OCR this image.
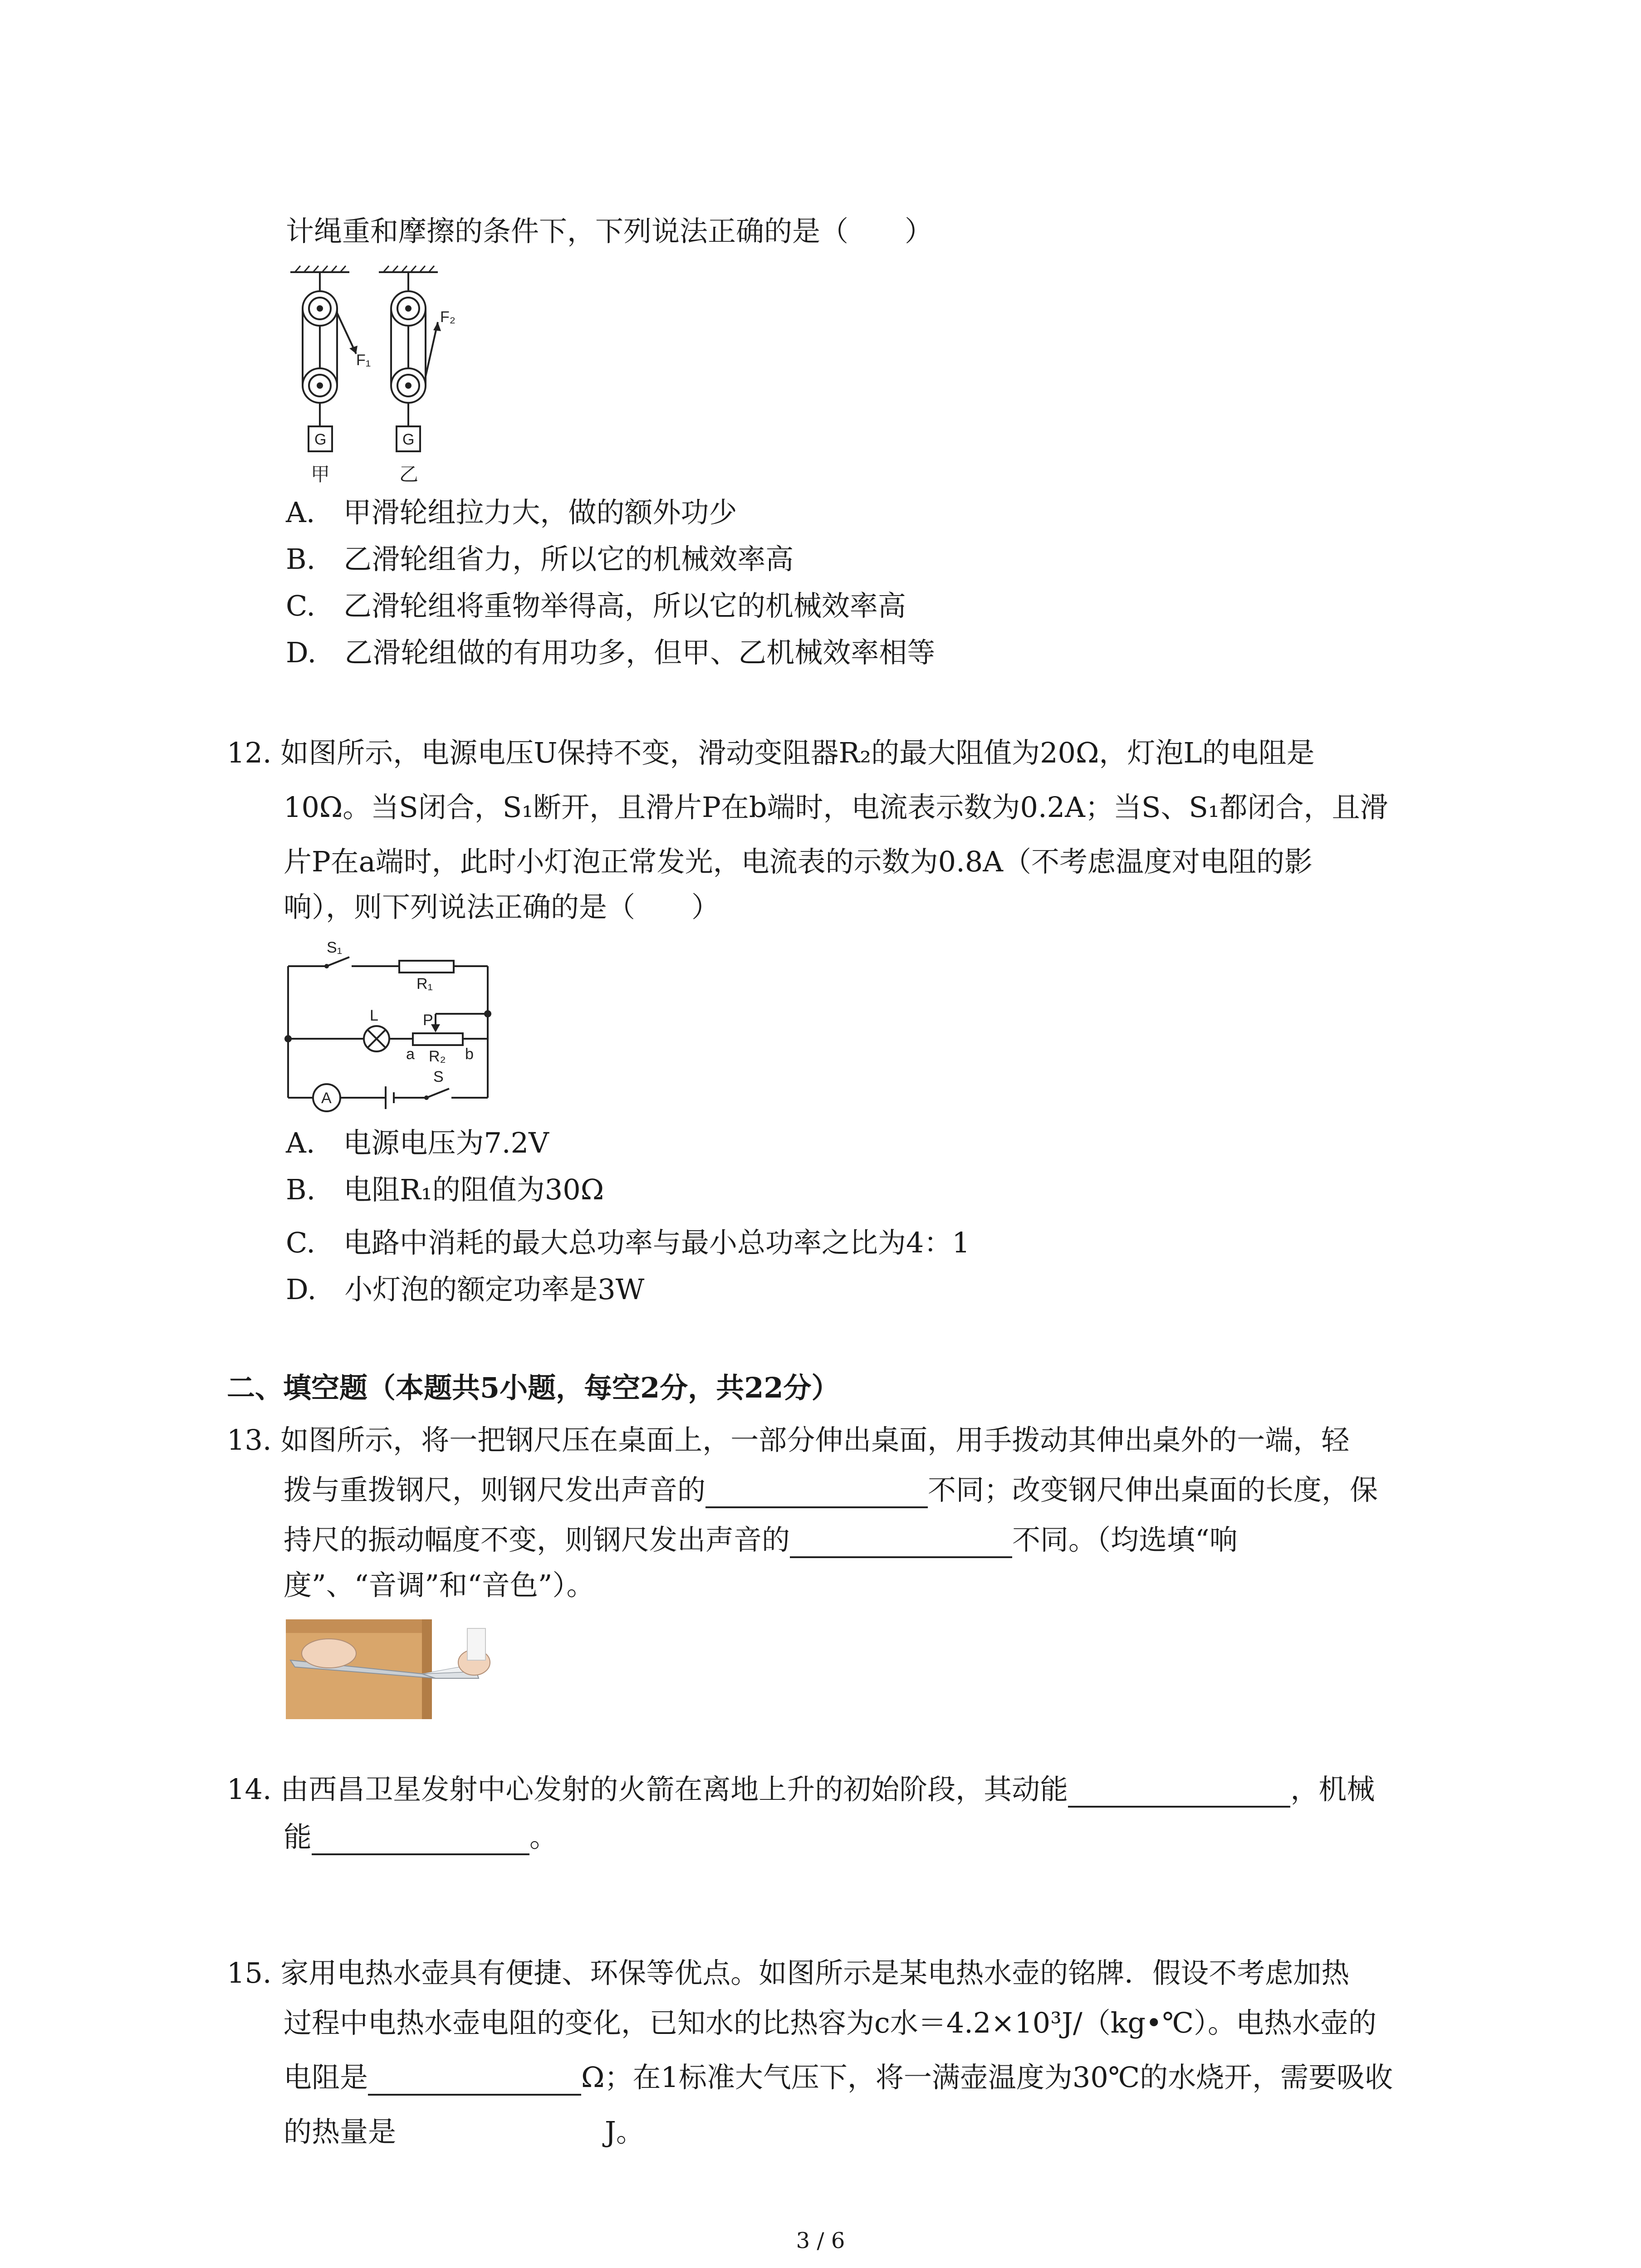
计绳重和摩擦的条件下，下列说法正确的是（　　）
F₁
F₂
G	G
甲	乙
A.　甲滑轮组拉力大，做的额外功少
B.　乙滑轮组省力，所以它的机械效率高
C.　乙滑轮组将重物举得高，所以它的机械效率高
D.　乙滑轮组做的有用功多，但甲、乙机械效率相等
12. 如图所示，电源电压U保持不变，滑动变阻器R₂的最大阻值为20Ω，灯泡L的电阻是
10Ω。当S闭合，S₁断开，且滑片P在b端时，电流表示数为0.2A；当S、S₁都闭合，且滑
片P在a端时，此时小灯泡正常发光，电流表的示数为0.8A（不考虑温度对电阻的影
响），则下列说法正确的是（　　）
S₁
R₁
L	P
a R₂ b
S
A
A.　电源电压为7.2V
B.　电阻R₁的阻值为30Ω
C.　电路中消耗的最大总功率与最小总功率之比为4：1
D.　小灯泡的额定功率是3W
二、填空题（本题共5小题，每空2分，共22分）
13. 如图所示，将一把钢尺压在桌面上，一部分伸出桌面，用手拨动其伸出桌外的一端，轻
拨与重拨钢尺，则钢尺发出声音的	不同；改变钢尺伸出桌面的长度，保
持尺的振动幅度不变，则钢尺发出声音的	不同。（均选填“响
度”、“音调”和“音色”）。
14. 由西昌卫星发射中心发射的火箭在离地上升的初始阶段，其动能	，机械
能	。
15. 家用电热水壶具有便捷、环保等优点。如图所示是某电热水壶的铭牌．假设不考虑加热
过程中电热水壶电阻的变化，已知水的比热容为c水＝4.2×10³J/（kg•℃）。电热水壶的
电阻是	Ω；在1标准大气压下，将一满壶温度为30℃的水烧开，需要吸收
的热量是	J。
3 / 6
